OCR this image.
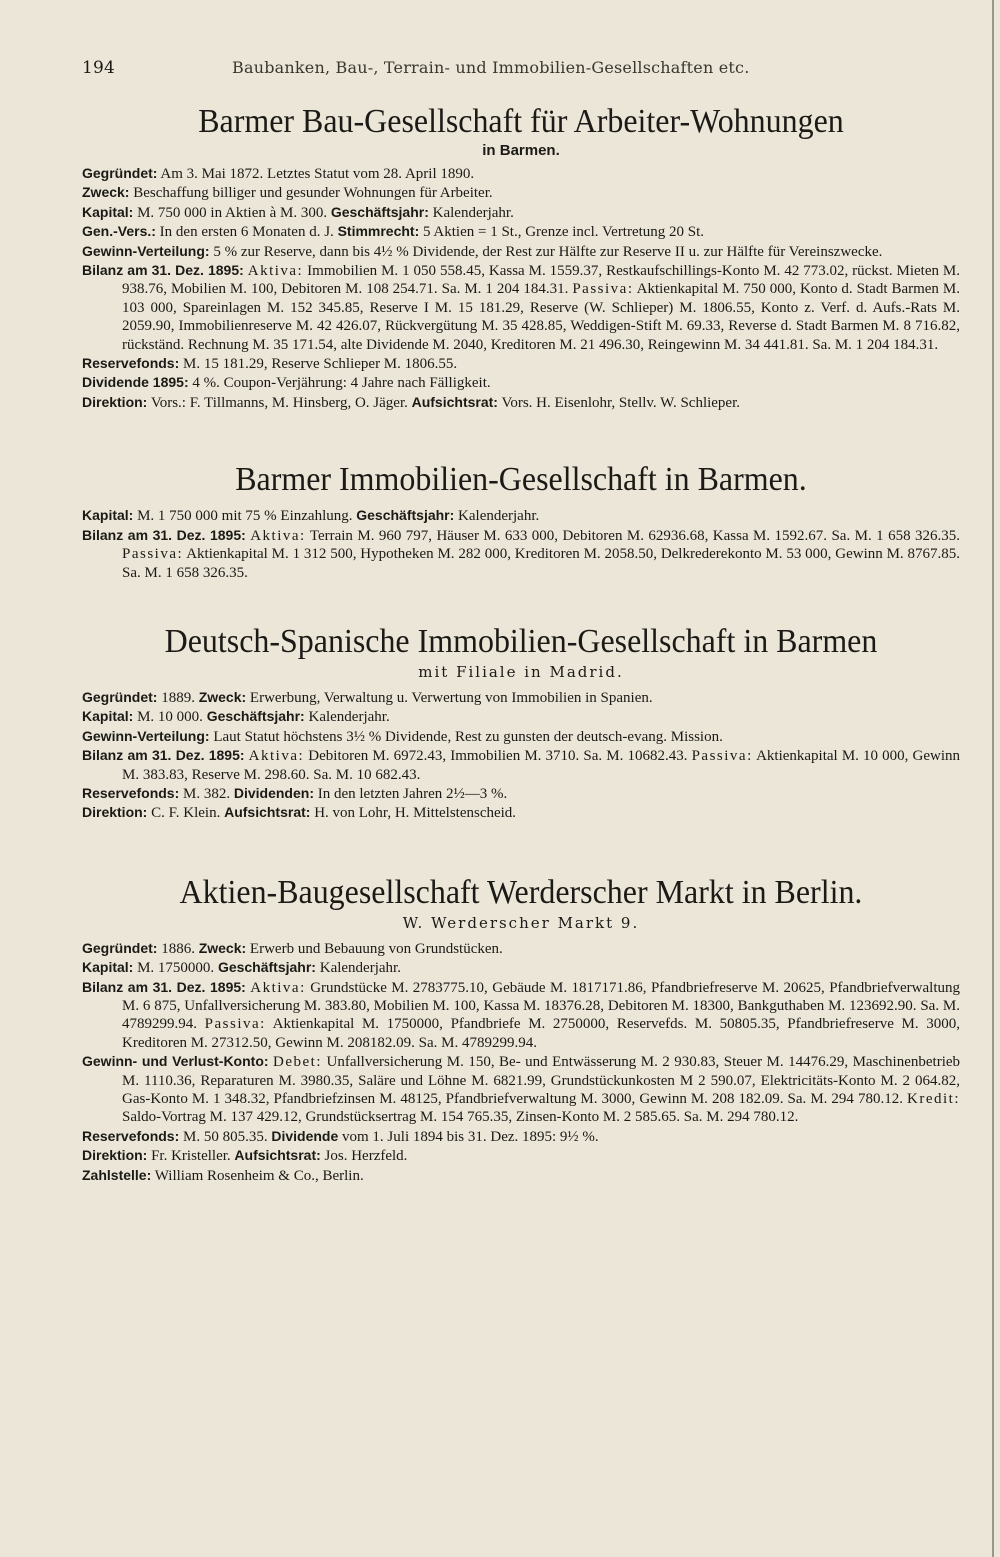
194	Baubanken, Bau-, Terrain- und Immobilien-Gesellschaften etc.
Barmer Bau-Gesellschaft für Arbeiter-Wohnungen
in Barmen.
Gegründet: Am 3. Mai 1872. Letztes Statut vom 28. April 1890.
Zweck: Beschaffung billiger und gesunder Wohnungen für Arbeiter.
Kapital: M. 750 000 in Aktien à M. 300. Geschäftsjahr: Kalenderjahr.
Gen.-Vers.: In den ersten 6 Monaten d. J. Stimmrecht: 5 Aktien = 1 St., Grenze incl. Vertretung 20 St.
Gewinn-Verteilung: 5 % zur Reserve, dann bis 4½ % Dividende, der Rest zur Hälfte zur Reserve II u. zur Hälfte für Vereinszwecke.
Bilanz am 31. Dez. 1895: Aktiva: Immobilien M. 1 050 558.45, Kassa M. 1559.37, Restkaufschillings-Konto M. 42 773.02, rückst. Mieten M. 938.76, Mobilien M. 100, Debitoren M. 108 254.71. Sa. M. 1 204 184.31. Passiva: Aktienkapital M. 750 000, Konto d. Stadt Barmen M. 103 000, Spareinlagen M. 152 345.85, Reserve I M. 15 181.29, Reserve (W. Schlieper) M. 1806.55, Konto z. Verf. d. Aufs.-Rats M. 2059.90, Immobilienreserve M. 42 426.07, Rückvergütung M. 35 428.85, Weddigen-Stift M. 69.33, Reverse d. Stadt Barmen M. 8 716.82, rückständ. Rechnung M. 35 171.54, alte Dividende M. 2040, Kreditoren M. 21 496.30, Reingewinn M. 34 441.81. Sa. M. 1 204 184.31.
Reservefonds: M. 15 181.29, Reserve Schlieper M. 1806.55.
Dividende 1895: 4 %. Coupon-Verjährung: 4 Jahre nach Fälligkeit.
Direktion: Vors.: F. Tillmanns, M. Hinsberg, O. Jäger. Aufsichtsrat: Vors. H. Eisenlohr, Stellv. W. Schlieper.
Barmer Immobilien-Gesellschaft in Barmen.
Kapital: M. 1 750 000 mit 75 % Einzahlung. Geschäftsjahr: Kalenderjahr.
Bilanz am 31. Dez. 1895: Aktiva: Terrain M. 960 797, Häuser M. 633 000, Debitoren M. 62936.68, Kassa M. 1592.67. Sa. M. 1 658 326.35. Passiva: Aktienkapital M. 1 312 500, Hypotheken M. 282 000, Kreditoren M. 2058.50, Delkrederekonto M. 53 000, Gewinn M. 8767.85. Sa. M. 1 658 326.35.
Deutsch-Spanische Immobilien-Gesellschaft in Barmen
mit Filiale in Madrid.
Gegründet: 1889. Zweck: Erwerbung, Verwaltung u. Verwertung von Immobilien in Spanien.
Kapital: M. 10 000. Geschäftsjahr: Kalenderjahr.
Gewinn-Verteilung: Laut Statut höchstens 3½ % Dividende, Rest zu gunsten der deutsch-evang. Mission.
Bilanz am 31. Dez. 1895: Aktiva: Debitoren M. 6972.43, Immobilien M. 3710. Sa. M. 10682.43. Passiva: Aktienkapital M. 10 000, Gewinn M. 383.83, Reserve M. 298.60. Sa. M. 10 682.43.
Reservefonds: M. 382. Dividenden: In den letzten Jahren 2½—3 %.
Direktion: C. F. Klein. Aufsichtsrat: H. von Lohr, H. Mittelstenscheid.
Aktien-Baugesellschaft Werderscher Markt in Berlin.
W. Werderscher Markt 9.
Gegründet: 1886. Zweck: Erwerb und Bebauung von Grundstücken.
Kapital: M. 1750000. Geschäftsjahr: Kalenderjahr.
Bilanz am 31. Dez. 1895: Aktiva: Grundstücke M. 2783775.10, Gebäude M. 1817171.86, Pfandbriefreserve M. 20625, Pfandbriefverwaltung M. 6 875, Unfallversicherung M. 383.80, Mobilien M. 100, Kassa M. 18376.28, Debitoren M. 18300, Bankguthaben M. 123692.90. Sa. M. 4789299.94. Passiva: Aktienkapital M. 1750000, Pfandbriefe M. 2750000, Reservefds. M. 50805.35, Pfandbriefreserve M. 3000, Kreditoren M. 27312.50, Gewinn M. 208182.09. Sa. M. 4789299.94.
Gewinn- und Verlust-Konto: Debet: Unfallversicherung M. 150, Be- und Entwässerung M. 2 930.83, Steuer M. 14476.29, Maschinenbetrieb M. 1110.36, Reparaturen M. 3980.35, Saläre und Löhne M. 6821.99, Grundstückunkosten M 2 590.07, Elektricitäts-Konto M. 2 064.82, Gas-Konto M. 1 348.32, Pfandbriefzinsen M. 48125, Pfandbriefverwaltung M. 3000, Gewinn M. 208 182.09. Sa. M. 294 780.12. Kredit: Saldo-Vortrag M. 137 429.12, Grundstücksertrag M. 154 765.35, Zinsen-Konto M. 2 585.65. Sa. M. 294 780.12.
Reservefonds: M. 50 805.35. Dividende vom 1. Juli 1894 bis 31. Dez. 1895: 9½ %.
Direktion: Fr. Kristeller. Aufsichtsrat: Jos. Herzfeld.
Zahlstelle: William Rosenheim & Co., Berlin.
